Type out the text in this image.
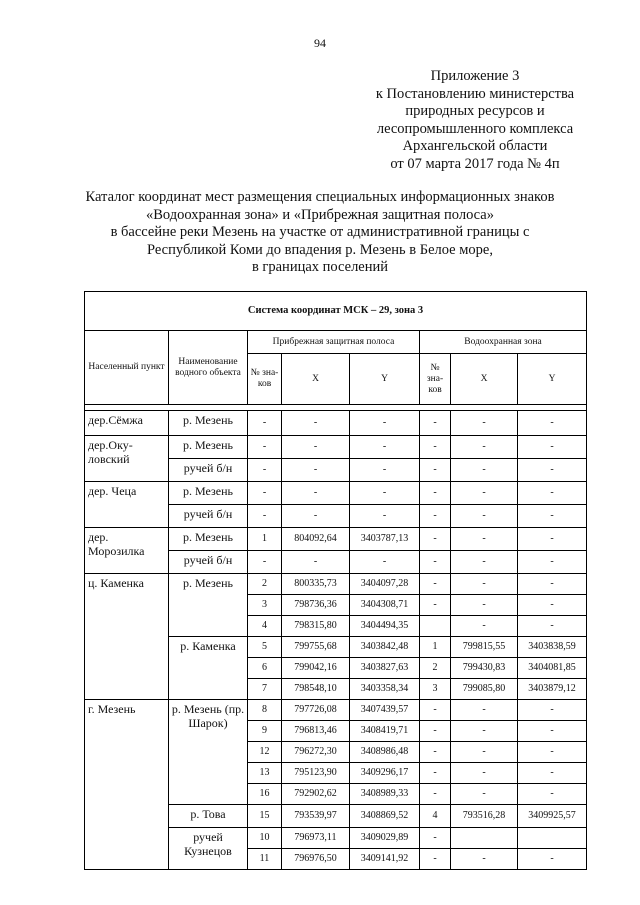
94
Приложение 3
к Постановлению министерства
природных ресурсов и
лесопромышленного комплекса
Архангельской области
от 07 марта 2017 года № 4п
Каталог координат мест размещения специальных информационных знаков
«Водоохранная зона» и «Прибрежная защитная полоса»
в бассейне реки Мезень на участке от административной границы с
Республикой Коми до впадения р. Мезень в Белое море,
в границах поселений
Система координат МСК – 29, зона 3							
Населенный пункт	Наименование водного объекта	Прибрежная защитная полоса			Водоохранная зона		
		№ зна-ков	X	Y	№ зна-ков	X	Y

дер.Сёмжа	р. Мезень	-	-	-	-	-	-
дер.Оку-ловский	р. Мезень	-	-	-	-	-	-
	ручей б/н	-	-	-	-	-	-
дер. Чеца	р. Мезень	-	-	-	-	-	-
	ручей б/н	-	-	-	-	-	-
дер. Морозилка	р. Мезень	1	804092,64	3403787,13	-	-	-
	ручей б/н	-	-	-	-	-	-
ц. Каменка	р. Мезень	2	800335,73	3404097,28	-	-	-
		3	798736,36	3404308,71	-	-	-
		4	798315,80	3404494,35		-	-
	р. Каменка	5	799755,68	3403842,48	1	799815,55	3403838,59
		6	799042,16	3403827,63	2	799430,83	3404081,85
		7	798548,10	3403358,34	3	799085,80	3403879,12
г. Мезень	р. Мезень (пр. Шарок)	8	797726,08	3407439,57	-	-	-
		9	796813,46	3408419,71	-	-	-
		12	796272,30	3408986,48	-	-	-
		13	795123,90	3409296,17	-	-	-
		16	792902,62	3408989,33	-	-	-
	р. Това	15	793539,97	3408869,52	4	793516,28	3409925,57
	ручей Кузнецов	10	796973,11	3409029,89	-		
		11	796976,50	3409141,92	-	-	-
